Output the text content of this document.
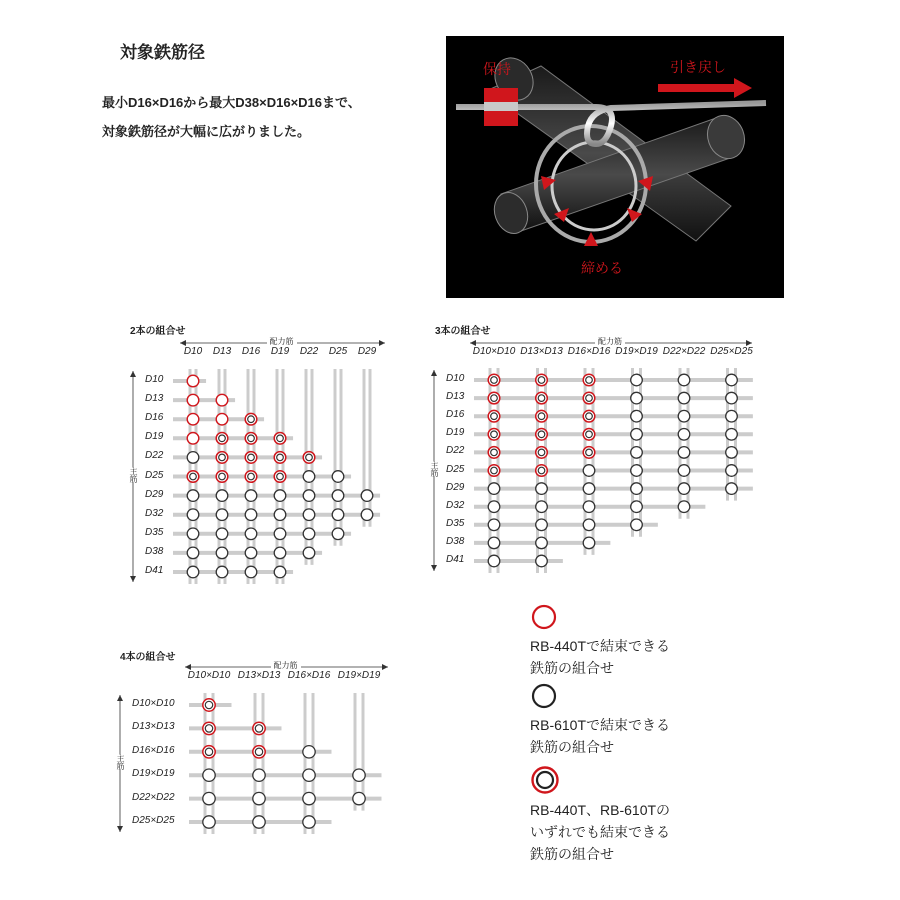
対象鉄筋径
最小D16×D16から最大D38×D16×D16まで、
対象鉄筋径が大幅に広がりました。
保持	引き戻し
締める
2本の組合せ
配力筋
D10	D13	D16	D19	D22	D25	D29
D10
D13
D16
D19
D22
D25
D29
D32
D35
D38
D41
主筋
3本の組合せ
配力筋
D10×D10 D13×D13 D16×D16 D19×D19 D22×D22 D25×D25
D10
D13
D16
D19
D22
D25
D29
D32
D35
D38
D41
主筋
4本の組合せ
配力筋
D10×D10 D13×D13 D16×D16 D19×D19
D10×D10
D13×D13
D16×D16
D19×D19
D22×D22
D25×D25
主筋
RB-440Tで結束できる
鉄筋の組合せ
RB-610Tで結束できる
鉄筋の組合せ
RB-440T、RB-610Tの
いずれでも結束できる
鉄筋の組合せ
